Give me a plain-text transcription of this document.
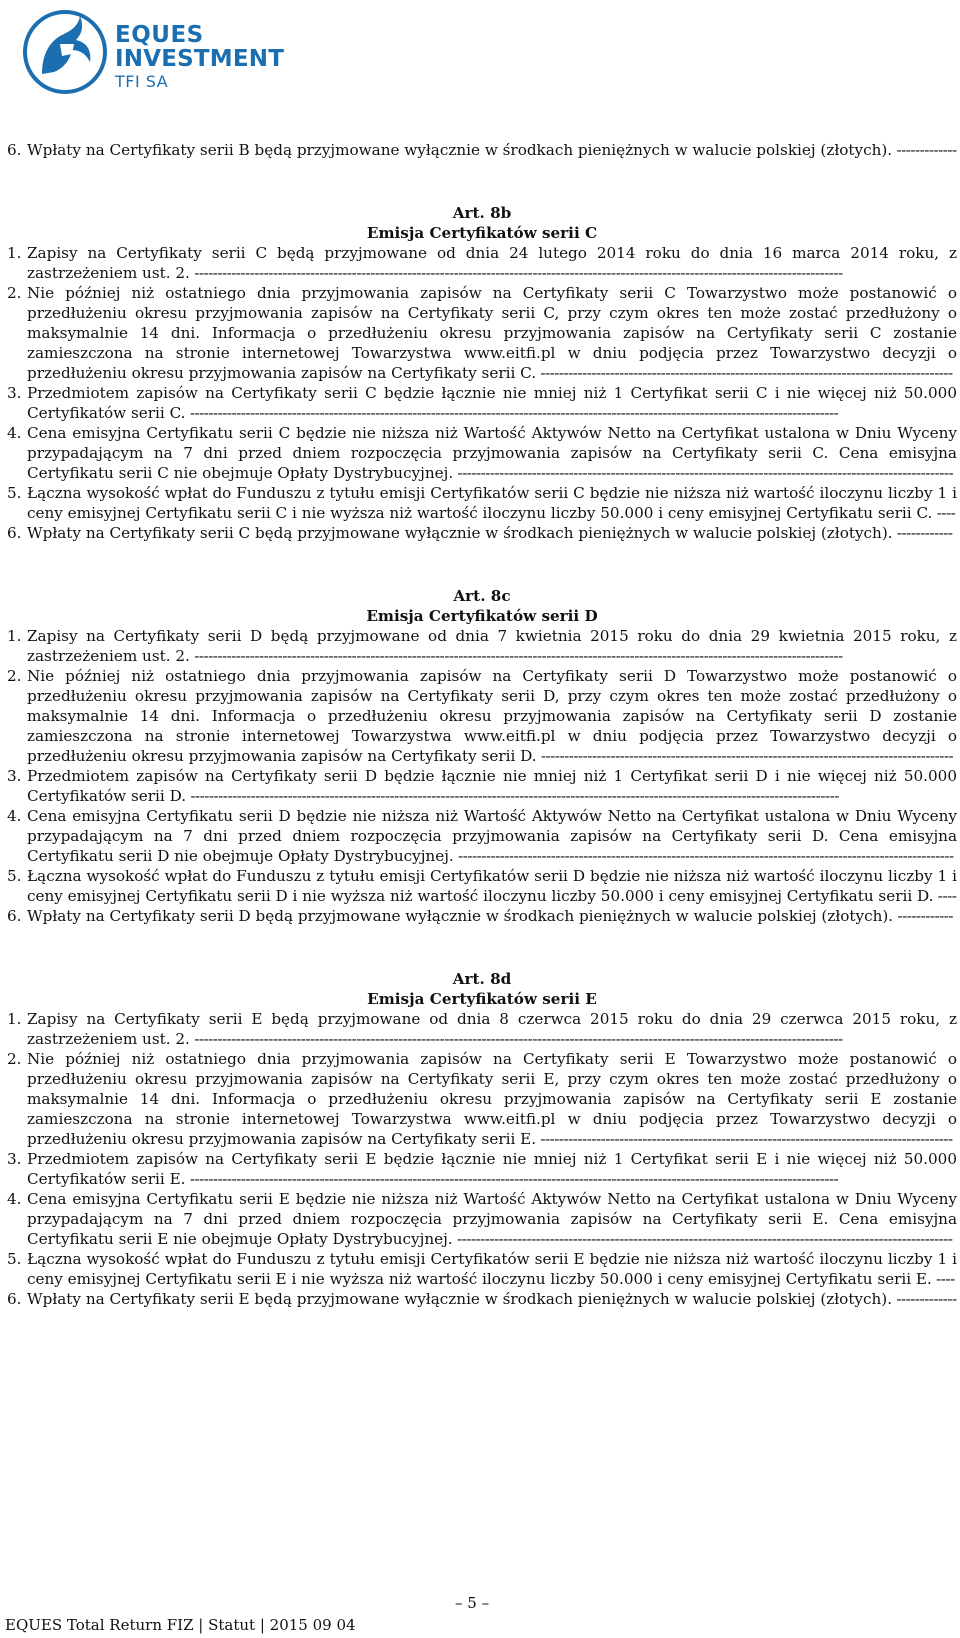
EQUES
INVESTMENT
TFI SA
6. Wpłaty na Certyfikaty serii B będą przyjmowane wyłącznie w środkach pieniężnych w walucie polskiej (złotych). -------------
Art. 8b
Emisja Certyfikatów serii C
1. Zapisy na Certyfikaty serii C będą przyjmowane od dnia 24 lutego 2014 roku do dnia 16 marca 2014 roku, z zastrzeżeniem ust. 2. --------------------------------------------------------------------------------------------------------------------------------------------
2. Nie później niż ostatniego dnia przyjmowania zapisów na Certyfikaty serii C Towarzystwo może postanowić o przedłużeniu okresu przyjmowania zapisów na Certyfikaty serii C, przy czym okres ten może zostać przedłużony o maksymalnie 14 dni. Informacja o przedłużeniu okresu przyjmowania zapisów na Certyfikaty serii C zostanie zamieszczona na stronie internetowej Towarzystwa www.eitfi.pl w dniu podjęcia przez Towarzystwo decyzji o przedłużeniu okresu przyjmowania zapisów na Certyfikaty serii C. -----------------------------------------------------------------------------------------
3. Przedmiotem zapisów na Certyfikaty serii C będzie łącznie nie mniej niż 1 Certyfikat serii C i nie więcej niż 50.000 Certyfikatów serii C. --------------------------------------------------------------------------------------------------------------------------------------------
4. Cena emisyjna Certyfikatu serii C będzie nie niższa niż Wartość Aktywów Netto na Certyfikat ustalona w Dniu Wyceny przypadającym na 7 dni przed dniem rozpoczęcia przyjmowania zapisów na Certyfikaty serii C. Cena emisyjna Certyfikatu serii C nie obejmuje Opłaty Dystrybucyjnej. -----------------------------------------------------------------------------------------------------------
5. Łączna wysokość wpłat do Funduszu z tytułu emisji Certyfikatów serii C będzie nie niższa niż wartość iloczynu liczby 1 i ceny emisyjnej Certyfikatu serii C i nie wyższa niż wartość iloczynu liczby 50.000 i ceny emisyjnej Certyfikatu serii C. ----
6. Wpłaty na Certyfikaty serii C będą przyjmowane wyłącznie w środkach pieniężnych w walucie polskiej (złotych). ------------
Art. 8c
Emisja Certyfikatów serii D
1. Zapisy na Certyfikaty serii D będą przyjmowane od dnia 7 kwietnia 2015 roku do dnia 29 kwietnia 2015 roku, z zastrzeżeniem ust. 2. --------------------------------------------------------------------------------------------------------------------------------------------
2. Nie później niż ostatniego dnia przyjmowania zapisów na Certyfikaty serii D Towarzystwo może postanowić o przedłużeniu okresu przyjmowania zapisów na Certyfikaty serii D, przy czym okres ten może zostać przedłużony o maksymalnie 14 dni. Informacja o przedłużeniu okresu przyjmowania zapisów na Certyfikaty serii D zostanie zamieszczona na stronie internetowej Towarzystwa www.eitfi.pl w dniu podjęcia przez Towarzystwo decyzji o przedłużeniu okresu przyjmowania zapisów na Certyfikaty serii D. -----------------------------------------------------------------------------------------
3. Przedmiotem zapisów na Certyfikaty serii D będzie łącznie nie mniej niż 1 Certyfikat serii D i nie więcej niż 50.000 Certyfikatów serii D. --------------------------------------------------------------------------------------------------------------------------------------------
4. Cena emisyjna Certyfikatu serii D będzie nie niższa niż Wartość Aktywów Netto na Certyfikat ustalona w Dniu Wyceny przypadającym na 7 dni przed dniem rozpoczęcia przyjmowania zapisów na Certyfikaty serii D. Cena emisyjna Certyfikatu serii D nie obejmuje Opłaty Dystrybucyjnej. -----------------------------------------------------------------------------------------------------------
5. Łączna wysokość wpłat do Funduszu z tytułu emisji Certyfikatów serii D będzie nie niższa niż wartość iloczynu liczby 1 i ceny emisyjnej Certyfikatu serii D i nie wyższa niż wartość iloczynu liczby 50.000 i ceny emisyjnej Certyfikatu serii D. ----
6. Wpłaty na Certyfikaty serii D będą przyjmowane wyłącznie w środkach pieniężnych w walucie polskiej (złotych). ------------
Art. 8d
Emisja Certyfikatów serii E
1. Zapisy na Certyfikaty serii E będą przyjmowane od dnia 8 czerwca 2015 roku do dnia 29 czerwca 2015 roku, z zastrzeżeniem ust. 2. --------------------------------------------------------------------------------------------------------------------------------------------
2. Nie później niż ostatniego dnia przyjmowania zapisów na Certyfikaty serii E Towarzystwo może postanowić o przedłużeniu okresu przyjmowania zapisów na Certyfikaty serii E, przy czym okres ten może zostać przedłużony o maksymalnie 14 dni. Informacja o przedłużeniu okresu przyjmowania zapisów na Certyfikaty serii E zostanie zamieszczona na stronie internetowej Towarzystwa www.eitfi.pl w dniu podjęcia przez Towarzystwo decyzji o przedłużeniu okresu przyjmowania zapisów na Certyfikaty serii E. -----------------------------------------------------------------------------------------
3. Przedmiotem zapisów na Certyfikaty serii E będzie łącznie nie mniej niż 1 Certyfikat serii E i nie więcej niż 50.000 Certyfikatów serii E. --------------------------------------------------------------------------------------------------------------------------------------------
4. Cena emisyjna Certyfikatu serii E będzie nie niższa niż Wartość Aktywów Netto na Certyfikat ustalona w Dniu Wyceny przypadającym na 7 dni przed dniem rozpoczęcia przyjmowania zapisów na Certyfikaty serii E. Cena emisyjna Certyfikatu serii E nie obejmuje Opłaty Dystrybucyjnej. -----------------------------------------------------------------------------------------------------------
5. Łączna wysokość wpłat do Funduszu z tytułu emisji Certyfikatów serii E będzie nie niższa niż wartość iloczynu liczby 1 i ceny emisyjnej Certyfikatu serii E i nie wyższa niż wartość iloczynu liczby 50.000 i ceny emisyjnej Certyfikatu serii E. ----
6. Wpłaty na Certyfikaty serii E będą przyjmowane wyłącznie w środkach pieniężnych w walucie polskiej (złotych). -------------
– 5 –
EQUES Total Return FIZ | Statut | 2015 09 04
